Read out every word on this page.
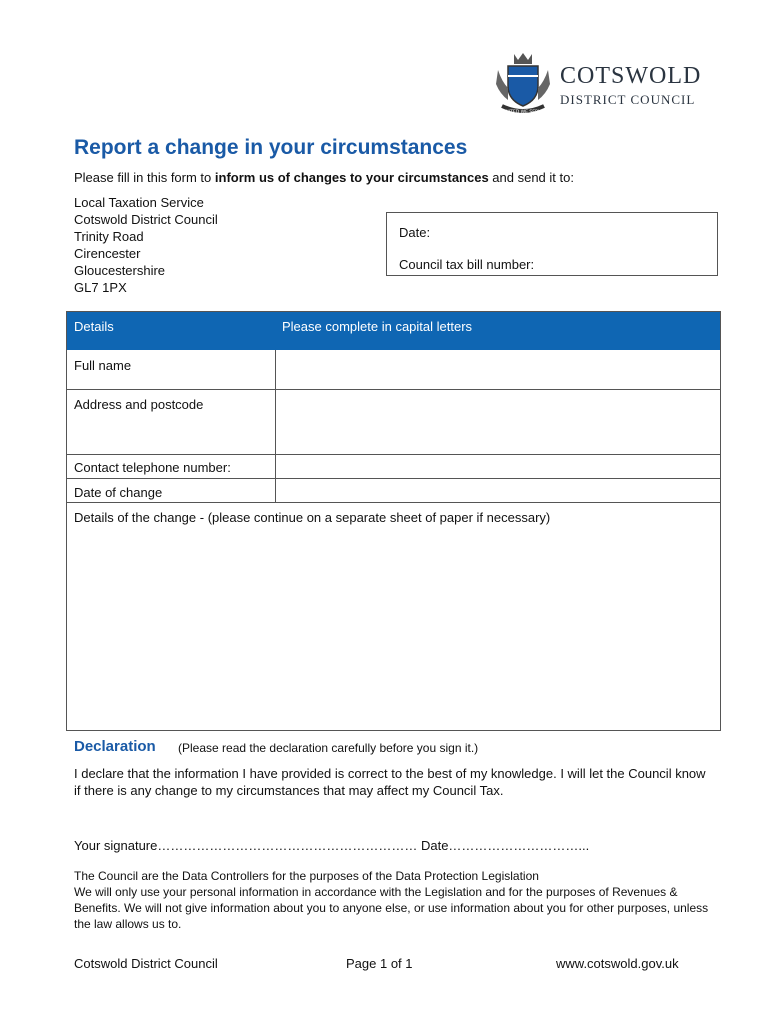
UNITED WE SERVE
COTSWOLD
DISTRICT COUNCIL
Report a change in your circumstances
Please fill in this form to inform us of changes to your circumstances and send it to:
Local Taxation Service
Cotswold District Council
Trinity Road
Cirencester
Gloucestershire
GL7 1PX
Date:
Council tax bill number:
Details	Please complete in capital letters
Full name
Address and postcode
Contact telephone number:
Date of change
Details of the change - (please continue on a separate sheet of paper if necessary)
Declaration (Please read the declaration carefully before you sign it.)
I declare that the information I have provided is correct to the best of my knowledge. I will let the Council know if there is any change to my circumstances that may affect my Council Tax.
Your signature…………………………………………………… Date…………………………...
The Council are the Data Controllers for the purposes of the Data Protection Legislation
We will only use your personal information in accordance with the Legislation and for the purposes of Revenues & Benefits. We will not give information about you to anyone else, or use information about you for other purposes, unless the law allows us to.
Cotswold District Council	Page 1 of 1	www.cotswold.gov.uk
